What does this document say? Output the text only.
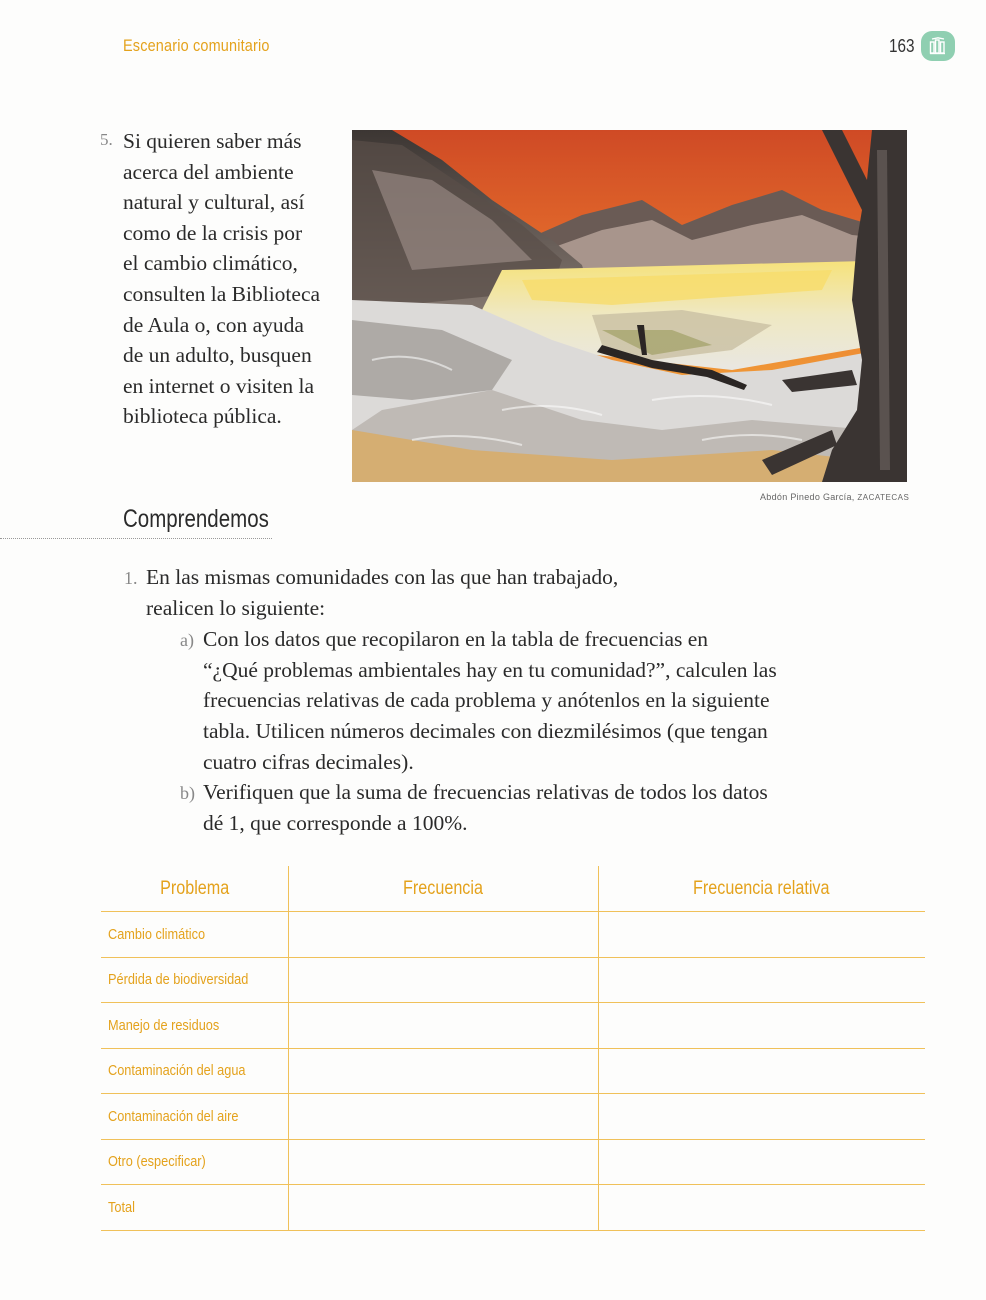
Escenario comunitario	163
5. Si quieren saber más
acerca del ambiente
natural y cultural, así
como de la crisis por
el cambio climático,
consulten la Biblioteca
de Aula o, con ayuda
de un adulto, busquen
en internet o visiten la
biblioteca pública.
Abdón Pinedo García, ZACATECAS
Comprendemos
1. En las mismas comunidades con las que han trabajado,
realicen lo siguiente:
a) Con los datos que recopilaron en la tabla de frecuencias en
“¿Qué problemas ambientales hay en tu comunidad?”, calculen las
frecuencias relativas de cada problema y anótenlos en la siguiente
tabla. Utilicen números decimales con diezmilésimos (que tengan
cuatro cifras decimales).
b) Verifiquen que la suma de frecuencias relativas de todos los datos
dé 1, que corresponde a 100%.
Problema	Frecuencia	Frecuencia relativa
Cambio climático		
Pérdida de biodiversidad		
Manejo de residuos		
Contaminación del agua		
Contaminación del aire		
Otro (especificar)		
Total		
